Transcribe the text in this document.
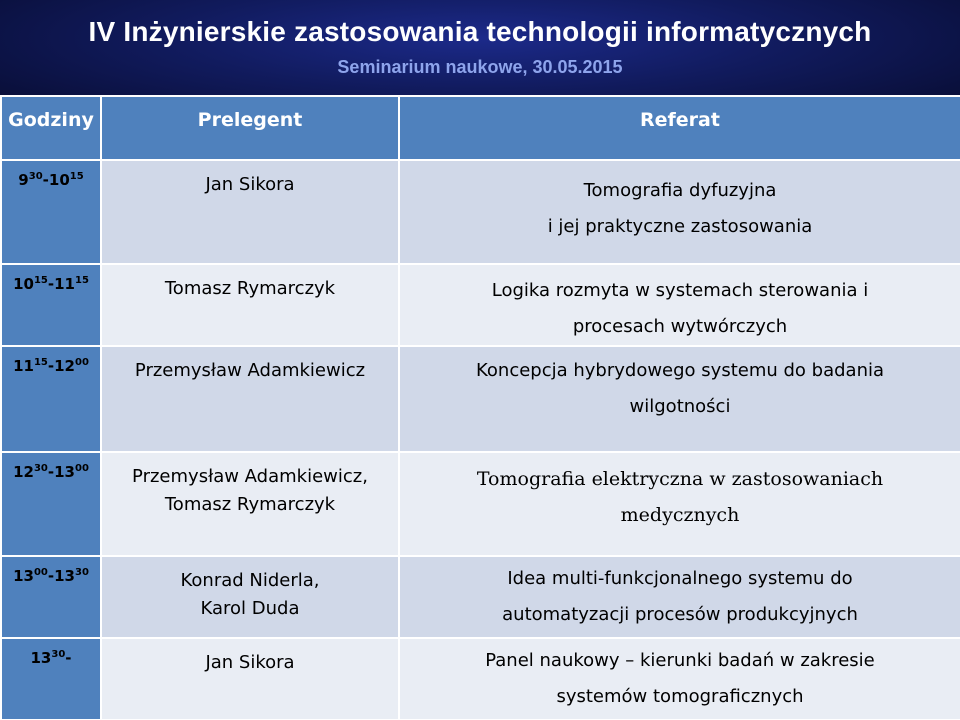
IV Inżynierskie zastosowania technologii informatycznych
Seminarium naukowe, 30.05.2015
Godziny	Prelegent	Referat
$9^{30}-10^{15}$	Jan Sikora	Tomografia dyfuzyjna
i jej praktyczne zastosowania

$10^{15}-11^{15}$	Tomasz Rymarczyk	Logika rozmyta w systemach sterowania i
procesach wytwórczych

$11^{15}-12^{00}$	Przemysław Adamkiewicz	Koncepcja hybrydowego systemu do badania
wilgotności

$12^{30}-13^{00}$	Przemysław Adamkiewicz,
Tomasz Rymarczyk	Tomografia elektryczna w zastosowaniach
medycznych

$13^{00}-13^{30}$	Konrad Niderla,
Karol Duda	Idea multi-funkcjonalnego systemu do
automatyzacji procesów produkcyjnych

$13^{30}-$	Jan Sikora	Panel naukowy – kierunki badań w zakresie
systemów tomograficznych
